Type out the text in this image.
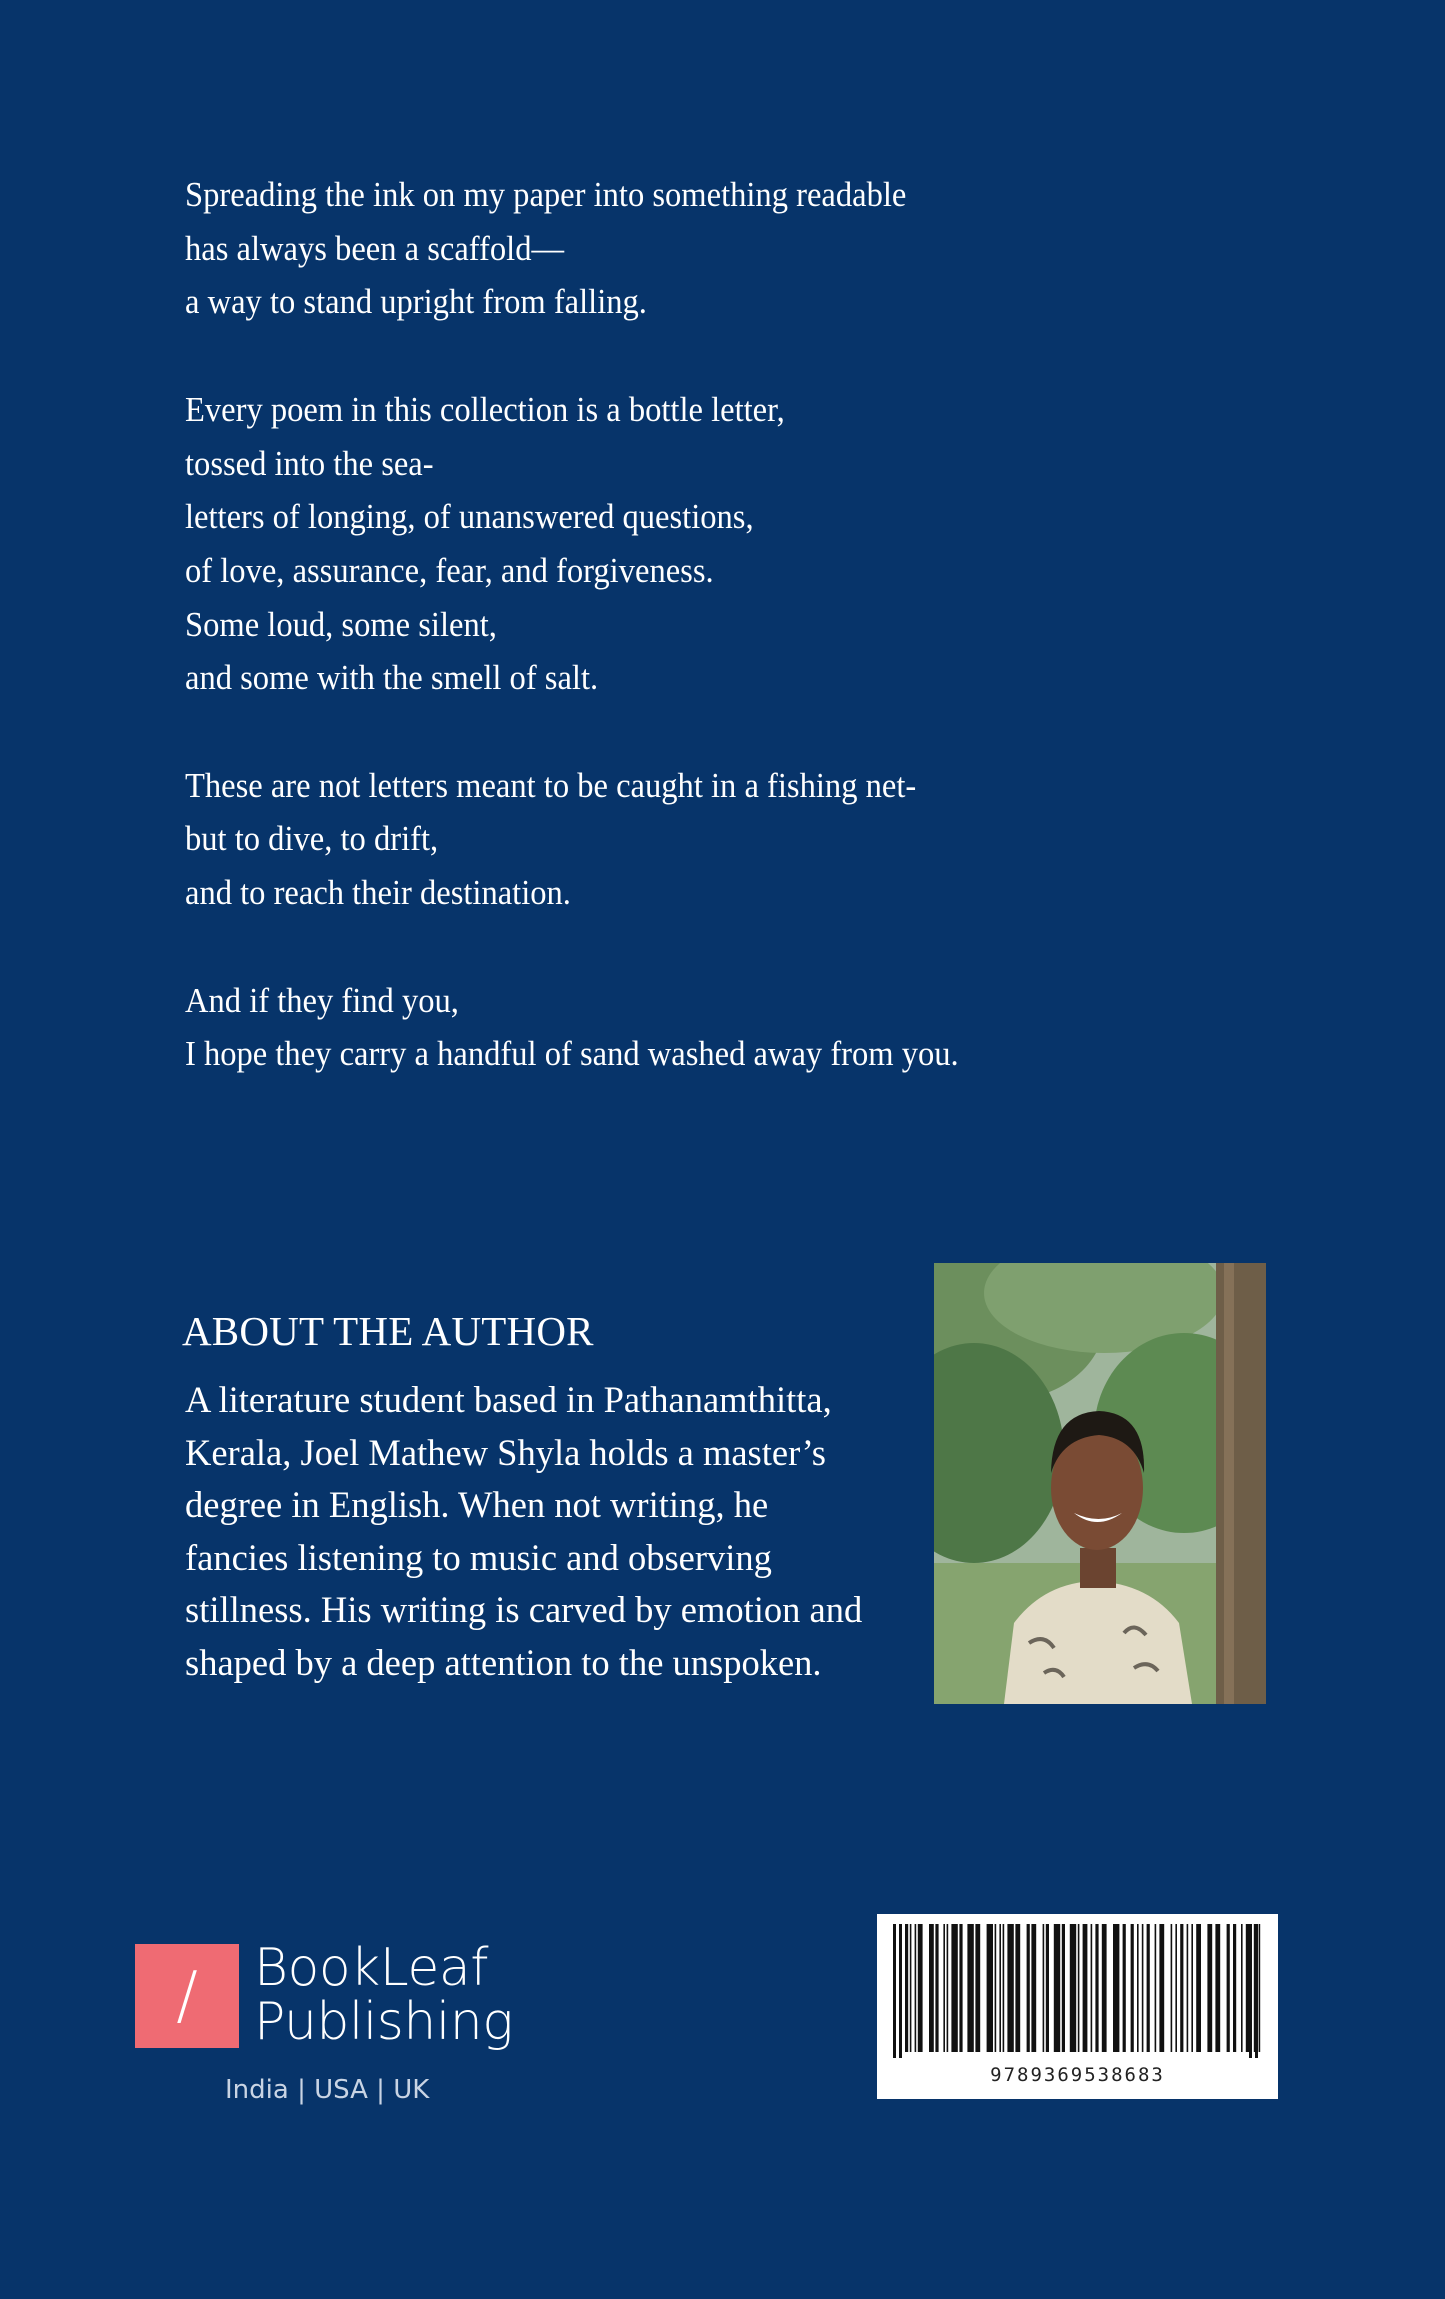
Spreading the ink on my paper into something readable
has always been a scaffold—
a way to stand upright from falling.
Every poem in this collection is a bottle letter,
tossed into the sea-
letters of longing, of unanswered questions,
of love, assurance, fear, and forgiveness.
Some loud, some silent,
and some with the smell of salt.
These are not letters meant to be caught in a fishing net-
but to dive, to drift,
and to reach their destination.
And if they find you,
I hope they carry a handful of sand washed away from you.
ABOUT THE AUTHOR
A literature student based in Pathanamthitta,
Kerala, Joel Mathew Shyla holds a master’s
degree in English. When not writing, he
fancies listening to music and observing
stillness. His writing is carved by emotion and
shaped by a deep attention to the unspoken.
/	BookLeaf
Publishing
India | USA | UK	9789369538683
